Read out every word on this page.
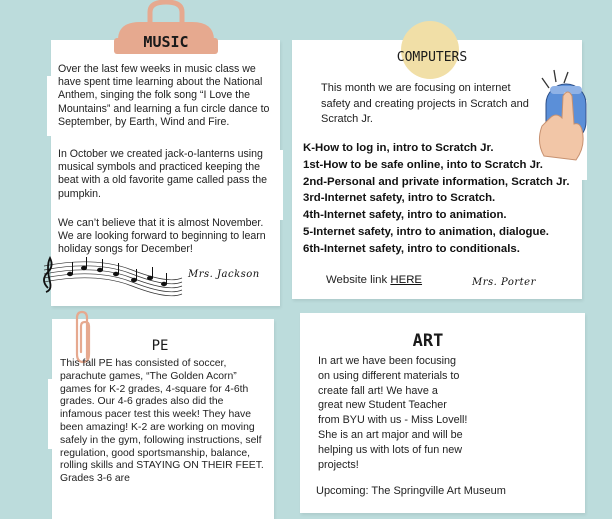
MUSIC

Over the last few weeks in music class we have spent time learning about the National Anthem, singing the folk song “I Love the Mountains” and learning a fun circle dance to September, by Earth, Wind and Fire.

In October we created jack-o-lanterns using musical symbols and practiced keeping the beat with a old favorite game called pass the pumpkin.

We can’t believe that it is almost November. We are looking forward to beginning to learn holiday songs for December!

Mrs. Jackson
COMPUTERS

This month we are focusing on internet safety and creating projects in Scratch and Scratch Jr.

K-How to log in, intro to Scratch Jr.
1st-How to be safe online, into to Scratch Jr.
2nd-Personal and private information, Scratch Jr.
3rd-Internet safety, intro to Scratch.
4th-Internet safety, intro to animation.
5-Internet safety, intro to animation, dialogue.
6th-Internet safety, intro to conditionals.
Website link HERE	Mrs. Porter
PE

This fall PE has consisted of soccer, parachute games, “The Golden Acorn” games for K-2 grades, 4-square for 4-6th grades. Our 4-6 grades also did the infamous pacer test this week! They have been amazing! K-2 are working on moving safely in the gym, following instructions, self regulation, good sportsmanship, balance, rolling skills and STAYING ON THEIR FEET. Grades 3-6 are

ART
In art we have been focusing
on using different materials to
create fall art! We have a
great new Student Teacher
from BYU with us - Miss Lovell!
She is an art major and will be
helping us with lots of fun new
projects!
Upcoming: The Springville Art Museum
